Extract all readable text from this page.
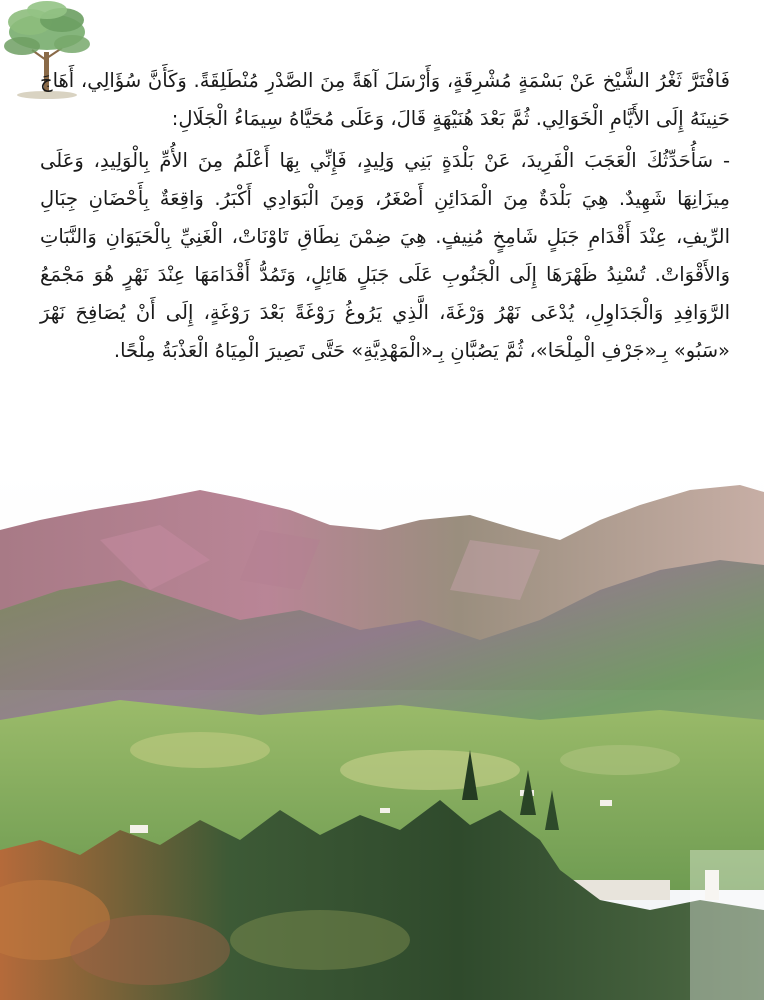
فَافْتَرَّ ثَغْرُ الشَّيْخ عَنْ بَسْمَةٍ مُشْرِقَةٍ، وَأَرْسَلَ آهَةً مِنَ الصَّدْرِ مُنْطَلِقَةً. وَكَأَنَّ سُؤَالِي، أَهَاجَ حَنِينَهُ إِلَى الأَيَّامِ الْخَوَالِي. ثُمَّ بَعْدَ هُنَيْهَةٍ قَالَ، وَعَلَى مُحَيَّاهُ سِيمَاءُ الْجَلَالِ:

- سَأُحَدِّثُكَ الْعَجَبَ الْفَرِيدَ، عَنْ بَلْدَةٍ بَنِي وَلِيدٍ، فَإِنِّي بِهَا أَعْلَمُ مِنَ الأُمِّ بِالْوَلِيدِ، وَعَلَى مِيزَانِهَا شَهِيدٌ. هِيَ بَلْدَةٌ مِنَ الْمَدَائِنِ أَصْغَرُ، وَمِنَ الْبَوَادِي أَكْبَرُ. وَاقِعَةٌ بِأَحْضَانِ جِبَالِ الرِّيفِ، عِنْدَ أَقْدَامِ جَبَلٍ شَامِخٍ مُنِيفٍ. هِيَ ضِمْنَ نِطَاقِ تَاوْنَاتْ، الْغَنِيِّ بِالْحَيَوَانِ وَالنَّبَاتِ وَالأَقْوَاتْ. تُسْنِدُ ظَهْرَهَا إِلَى الْجَنُوبِ عَلَى جَبَلٍ هَائِلٍ، وَتَمُدُّ أَقْدَامَهَا عِنْدَ نَهْرٍ هُوَ مَجْمَعُ الرَّوَافِدِ وَالْجَدَاوِلِ، يُدْعَى نَهْرُ وَرْغَةَ، الَّذِي يَرُوغُ رَوْغَةً بَعْدَ رَوْغَةٍ، إِلَى أَنْ يُصَافِحَ نَهْرَ «سَبُو» بِـ«جَرْفِ الْمِلْحَا»، ثُمَّ يَصُبَّانِ بِـ«الْمَهْدِيَّةِ» حَتَّى تَصِيرَ الْمِيَاهُ الْعَذْبَةُ مِلْحًا.
